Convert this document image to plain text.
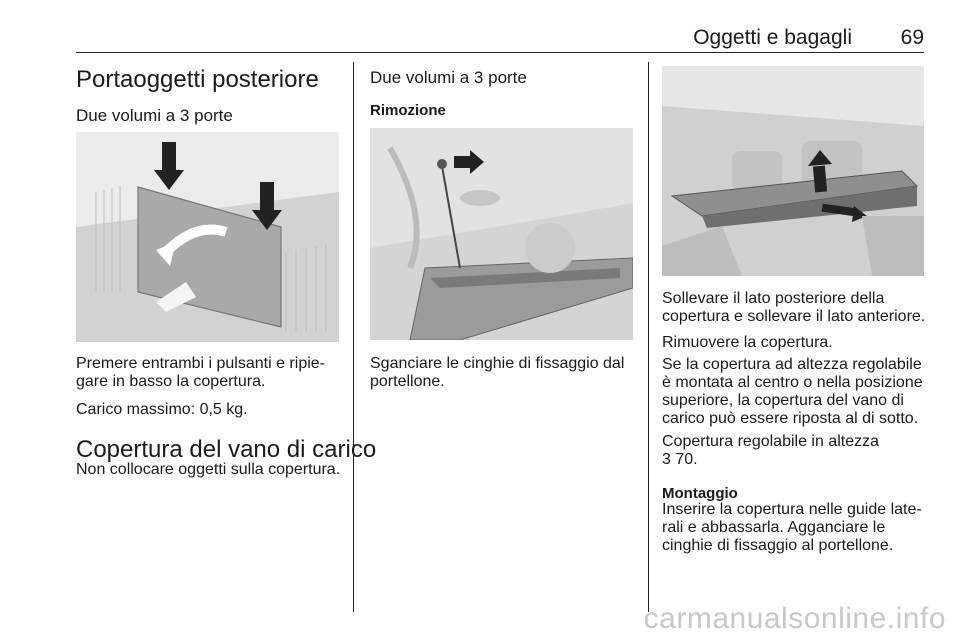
Oggetti e bagagli 69
Portaoggetti posteriore
Due volumi a 3 porte

Premere entrambi i pulsanti e ripie-
gare in basso la copertura.

Carico massimo: 0,5 kg.

Copertura del vano di carico

Non collocare oggetti sulla copertura.

Due volumi a 3 porte
Rimozione

Sganciare le cinghie di fissaggio dal
portellone.

Sollevare il lato posteriore della
copertura e sollevare il lato anteriore.

Rimuovere la copertura.

Se la copertura ad altezza regolabile
è montata al centro o nella posizione
superiore, la copertura del vano di
carico può essere riposta al di sotto.

Copertura regolabile in altezza
3 70.

Montaggio

Inserire la copertura nelle guide late-
rali e abbassarla. Agganciare le
cinghie di fissaggio al portellone.

carmanualsonline.info
